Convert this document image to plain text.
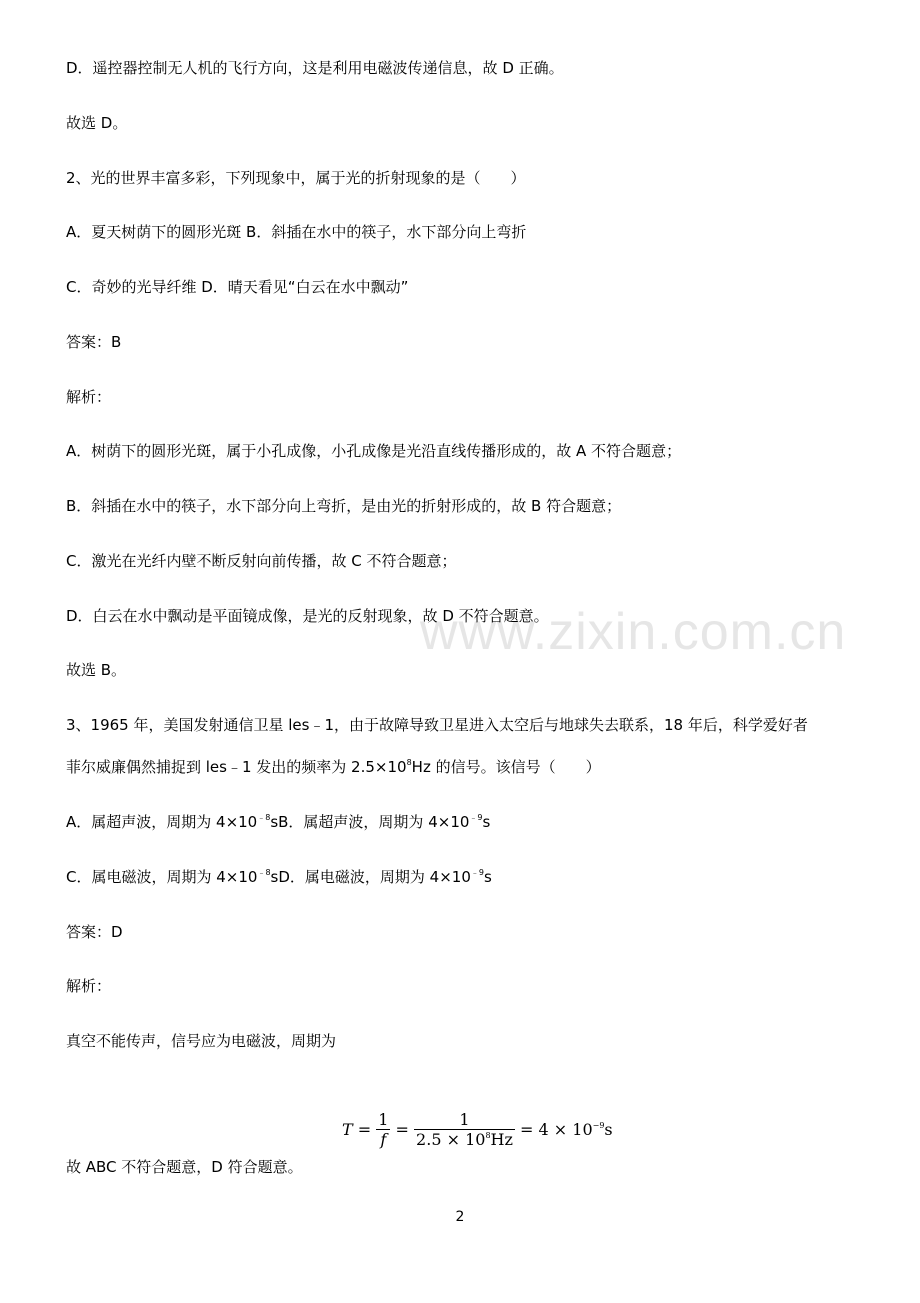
www.zixin.com.cn
D．遥控器控制无人机的飞行方向，这是利用电磁波传递信息，故 D 正确。
故选 D。
2、光的世界丰富多彩，下列现象中，属于光的折射现象的是（　　）
A．夏天树荫下的圆形光斑 B．斜插在水中的筷子，水下部分向上弯折
C．奇妙的光导纤维 D．晴天看见“白云在水中飘动”
答案：B
解析：
A．树荫下的圆形光斑，属于小孔成像，小孔成像是光沿直线传播形成的，故 A 不符合题意；
B．斜插在水中的筷子，水下部分向上弯折，是由光的折射形成的，故 B 符合题意；
C．激光在光纤内壁不断反射向前传播，故 C 不符合题意；
D．白云在水中飘动是平面镜成像，是光的反射现象，故 D 不符合题意。
故选 B。
3、1965 年，美国发射通信卫星 les﹣1，由于故障导致卫星进入太空后与地球失去联系，18 年后，科学爱好者
菲尔威廉偶然捕捉到 les﹣1 发出的频率为 $2.5\times 10^8Hz$ 的信号。该信号（　　）
A．属超声波，周期为 $4\times 10^{﹣8}sB$．属超声波，周期为 $4\times 10^{﹣9}s$
C．属电磁波，周期为 $4\times 10^{﹣8}sD$．属电磁波，周期为 $4\times 10^{﹣9}s$
答案：D
解析：
真空不能传声，信号应为电磁波，周期为
$T = \frac{1}{f} = \frac{1}{2.5 \times 10^8Hz} = 4 \times 10^{-9}s$
故 ABC 不符合题意，D 符合题意。
2
